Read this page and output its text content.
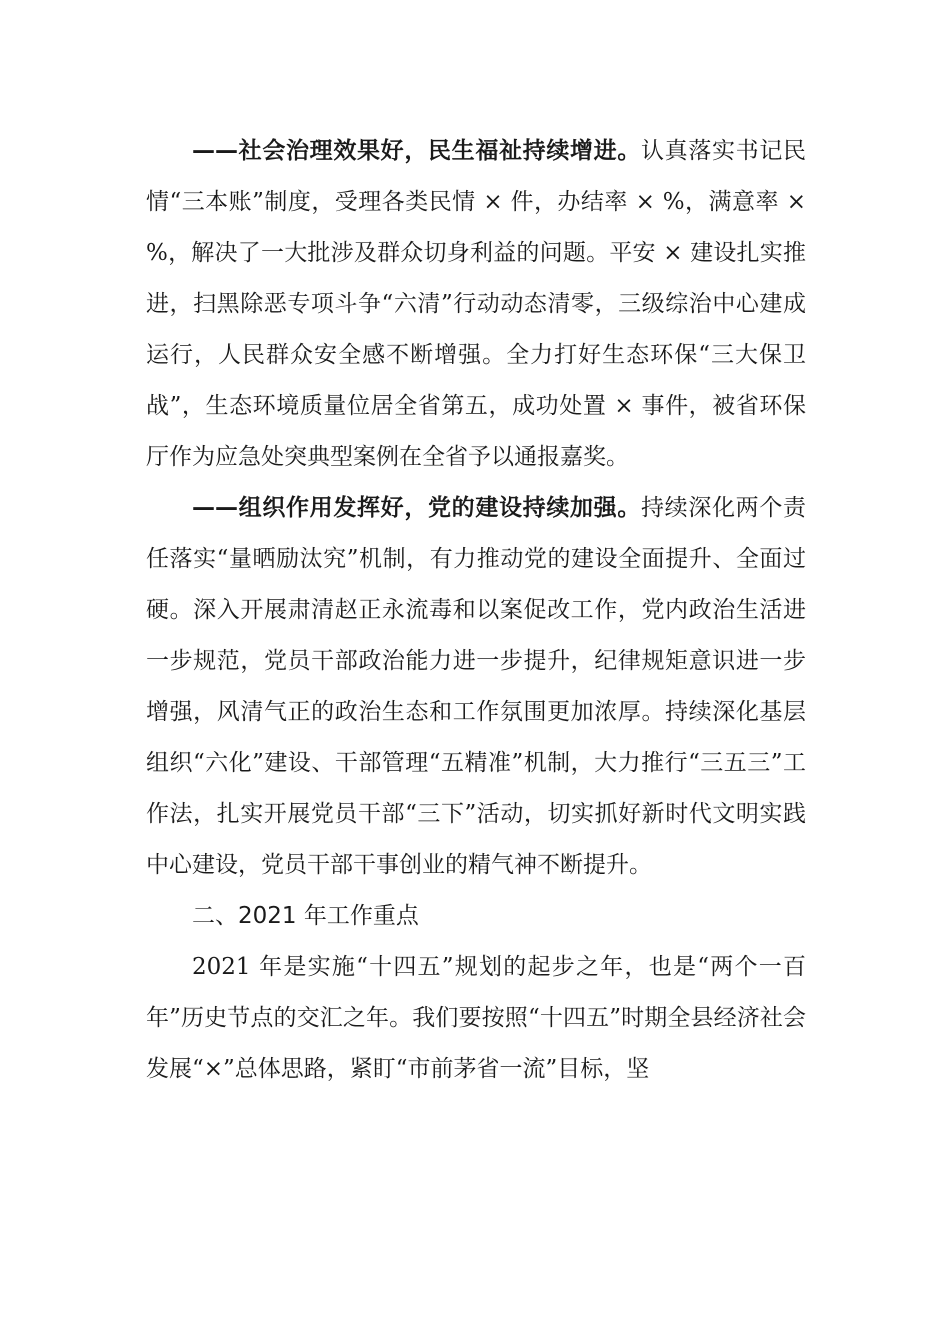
——社会治理效果好，民生福祉持续增进。认真落实书记民情“三本账”制度，受理各类民情 × 件，办结率 × %，满意率 × %，解决了一大批涉及群众切身利益的问题。平安 × 建设扎实推进，扫黑除恶专项斗争“六清”行动动态清零，三级综治中心建成运行，人民群众安全感不断增强。全力打好生态环保“三大保卫战”，生态环境质量位居全省第五，成功处置 × 事件，被省环保厅作为应急处突典型案例在全省予以通报嘉奖。

——组织作用发挥好，党的建设持续加强。持续深化两个责任落实“量晒励汰究”机制，有力推动党的建设全面提升、全面过硬。深入开展肃清赵正永流毒和以案促改工作，党内政治生活进一步规范，党员干部政治能力进一步提升，纪律规矩意识进一步增强，风清气正的政治生态和工作氛围更加浓厚。持续深化基层组织“六化”建设、干部管理“五精准”机制，大力推行“三五三”工作法，扎实开展党员干部“三下”活动，切实抓好新时代文明实践中心建设，党员干部干事创业的精气神不断提升。

二、2021 年工作重点

2021 年是实施“十四五”规划的起步之年，也是“两个一百年”历史节点的交汇之年。我们要按照“十四五”时期全县经济社会发展“×”总体思路，紧盯“市前茅省一流”目标，坚
